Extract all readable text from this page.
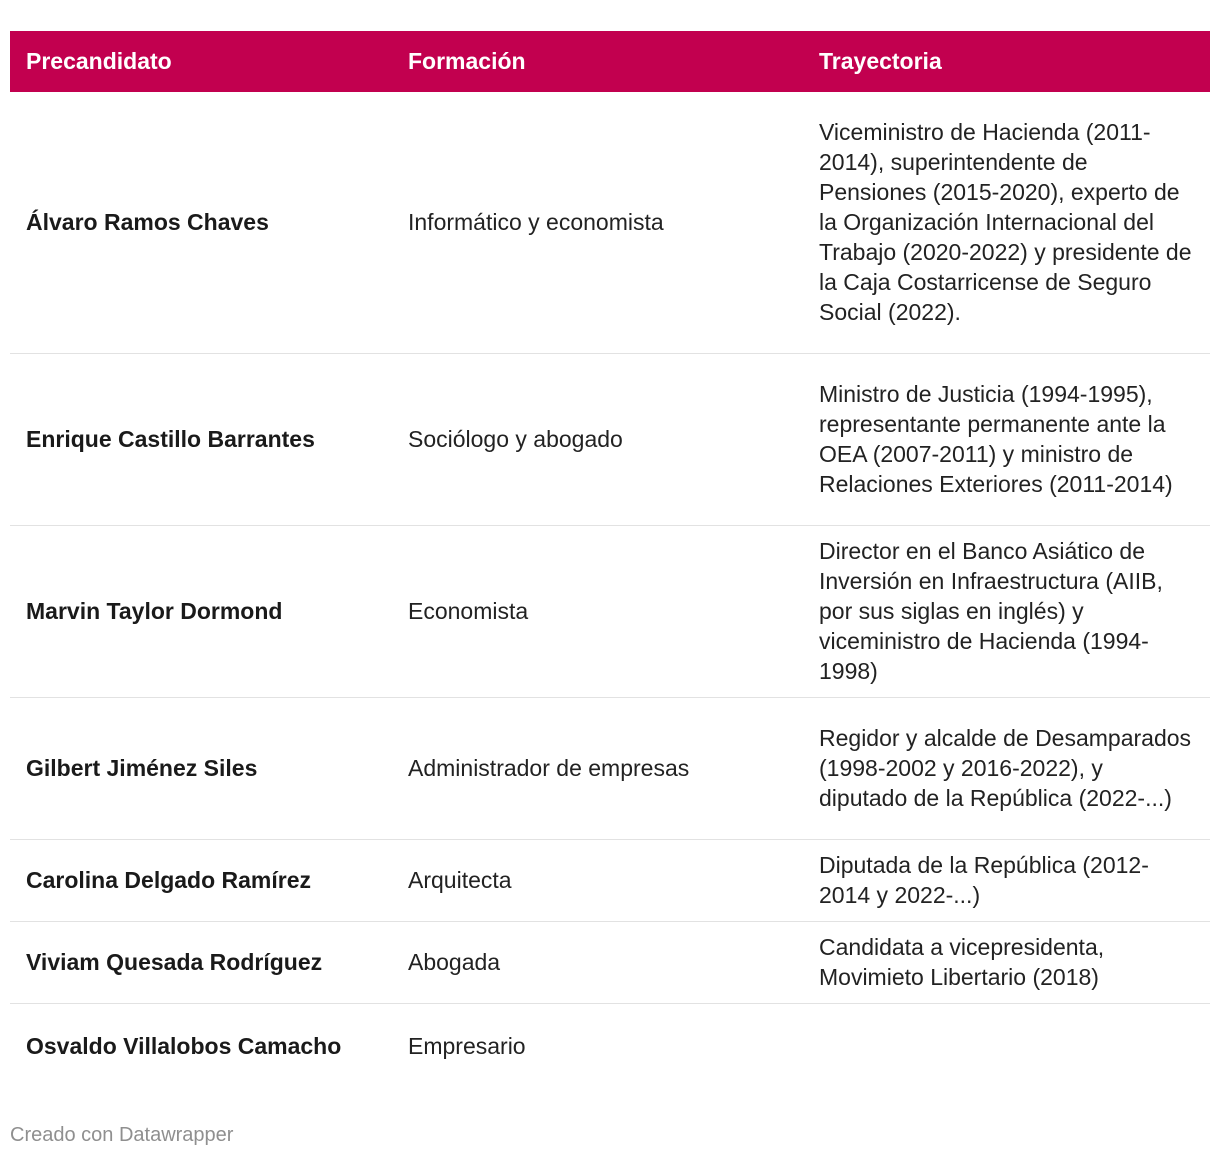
Precandidato	Formación	Trayectoria
Álvaro Ramos Chaves	Informático y economista	Viceministro de Hacienda (2011-2014), superintendente de Pensiones (2015-2020), experto de la Organización Internacional del Trabajo (2020-2022) y presidente de la Caja Costarricense de Seguro Social (2022).
Enrique Castillo Barrantes	Sociólogo y abogado	Ministro de Justicia (1994-1995), representante permanente ante la OEA (2007-2011) y ministro de Relaciones Exteriores (2011-2014)
Marvin Taylor Dormond	Economista	Director en el Banco Asiático de Inversión en Infraestructura (AIIB, por sus siglas en inglés) y viceministro de Hacienda (1994-1998)
Gilbert Jiménez Siles	Administrador de empresas	Regidor y alcalde de Desamparados (1998-2002 y 2016-2022), y diputado de la República (2022-...)
Carolina Delgado Ramírez	Arquitecta	Diputada de la República (2012-2014 y 2022-...)
Viviam Quesada Rodríguez	Abogada	Candidata a vicepresidenta, Movimieto Libertario (2018)
Osvaldo Villalobos Camacho	Empresario	
Creado con Datawrapper
